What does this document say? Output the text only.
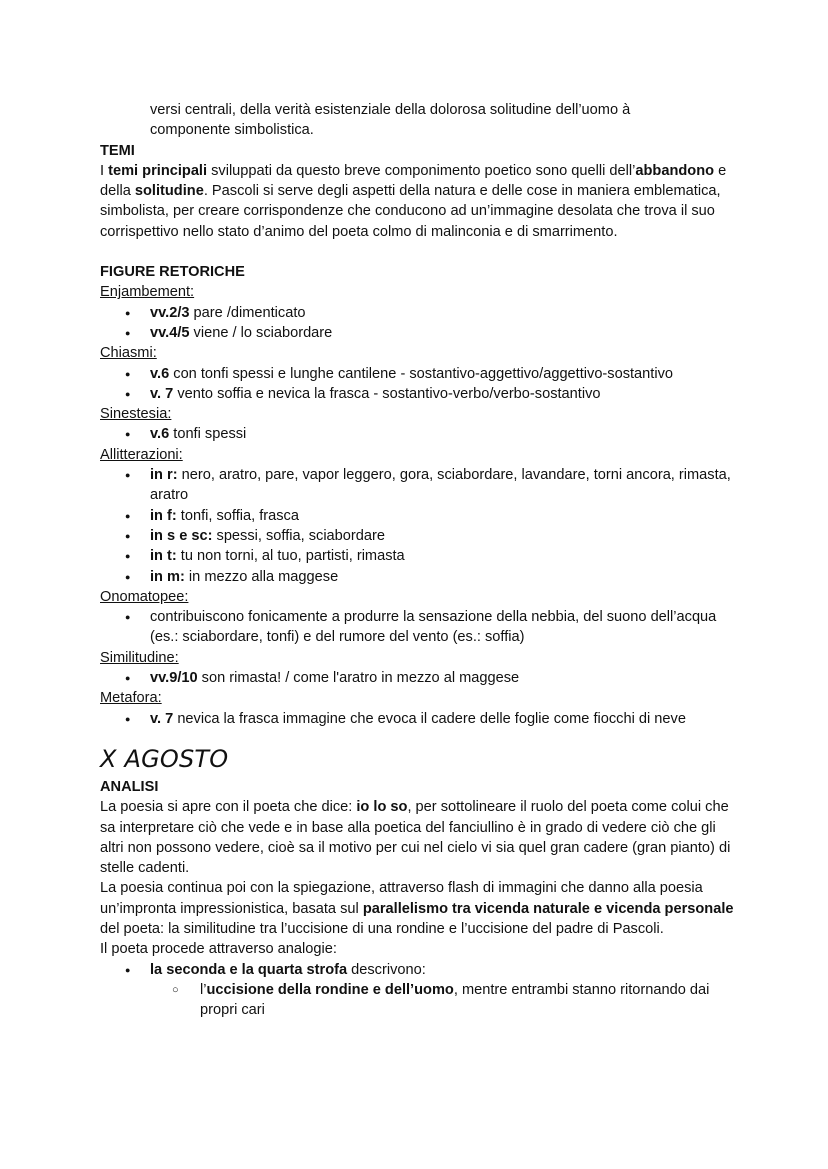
versi centrali, della verità esistenziale della dolorosa solitudine dell’uomo à
componente simbolistica.

TEMI

I temi principali sviluppati da questo breve componimento poetico sono quelli dell’abbandono e della solitudine. Pascoli si serve degli aspetti della natura e delle cose in maniera emblematica, simbolista, per creare corrispondenze che conducono ad un’immagine desolata che trova il suo corrispettivo nello stato d’animo del poeta colmo di malinconia e di smarrimento.

FIGURE RETORICHE

Enjambement:

● vv.2/3 pare /dimenticato
● vv.4/5 viene / lo sciabordare

Chiasmi:

● v.6 con tonfi spessi e lunghe cantilene - sostantivo-aggettivo/aggettivo-sostantivo
● v. 7 vento soffia e nevica la frasca - sostantivo-verbo/verbo-sostantivo

Sinestesia:

● v.6 tonfi spessi

Allitterazioni:

● in r: nero, aratro, pare, vapor leggero, gora, sciabordare, lavandare, torni ancora, rimasta, aratro
● in f: tonfi, soffia, frasca
● in s e sc: spessi, soffia, sciabordare
● in t: tu non torni, al tuo, partisti, rimasta
● in m: in mezzo alla maggese

Onomatopee:

● contribuiscono fonicamente a produrre la sensazione della nebbia, del suono dell’acqua (es.: sciabordare, tonfi) e del rumore del vento (es.: soffia)

Similitudine:

● vv.9/10 son rimasta! / come l'aratro in mezzo al maggese

Metafora:

● v. 7 nevica la frasca immagine che evoca il cadere delle foglie come fiocchi di neve
X AGOSTO

ANALISI

La poesia si apre con il poeta che dice: io lo so, per sottolineare il ruolo del poeta come colui che sa interpretare ciò che vede e in base alla poetica del fanciullino è in grado di vedere ciò che gli altri non possono vedere, cioè sa il motivo per cui nel cielo vi sia quel gran cadere (gran pianto) di stelle cadenti.

La poesia continua poi con la spiegazione, attraverso flash di immagini che danno alla poesia un’impronta impressionistica, basata sul parallelismo tra vicenda naturale e vicenda personale del poeta: la similitudine tra l’uccisione di una rondine e l’uccisione del padre di Pascoli.

Il poeta procede attraverso analogie:

● la seconda e la quarta strofa descrivono:
○ l’uccisione della rondine e dell’uomo, mentre entrambi stanno ritornando dai propri cari
